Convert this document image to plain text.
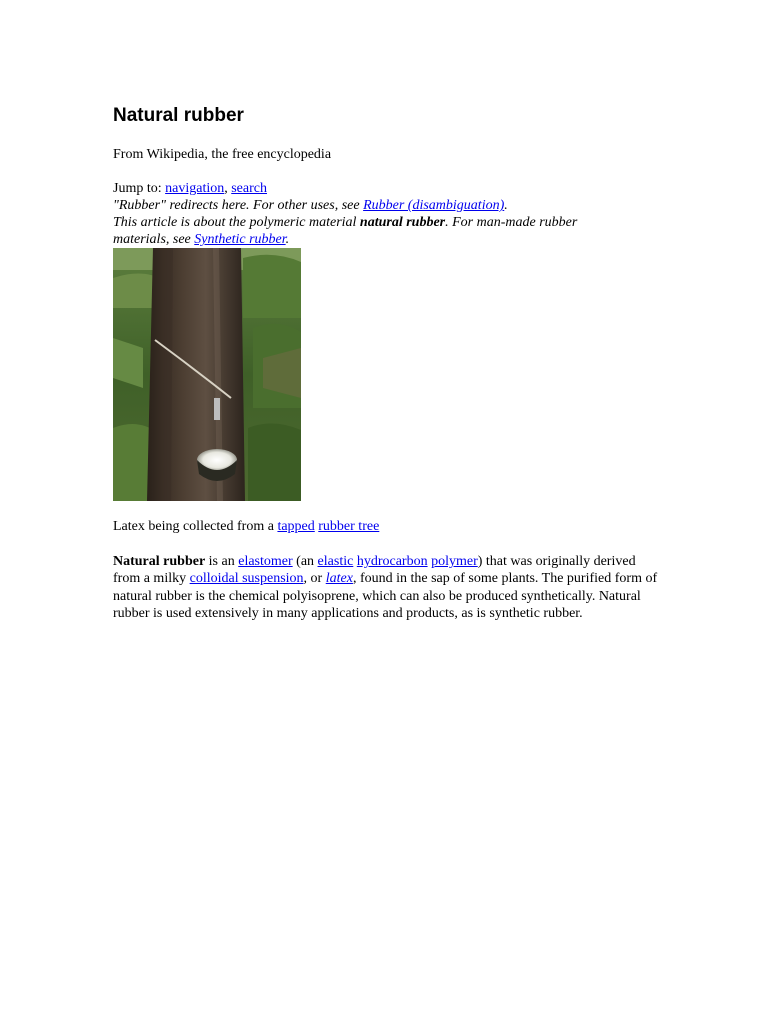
Natural rubber
From Wikipedia, the free encyclopedia
Jump to: navigation, search
"Rubber" redirects here. For other uses, see Rubber (disambiguation).
This article is about the polymeric material natural rubber. For man-made rubber
materials, see Synthetic rubber.
Latex being collected from a tapped rubber tree

Natural rubber is an elastomer (an elastic hydrocarbon polymer) that was originally derived from a milky colloidal suspension, or latex, found in the sap of some plants. The purified form of natural rubber is the chemical polyisoprene, which can also be produced synthetically. Natural rubber is used extensively in many applications and products, as is synthetic rubber.
